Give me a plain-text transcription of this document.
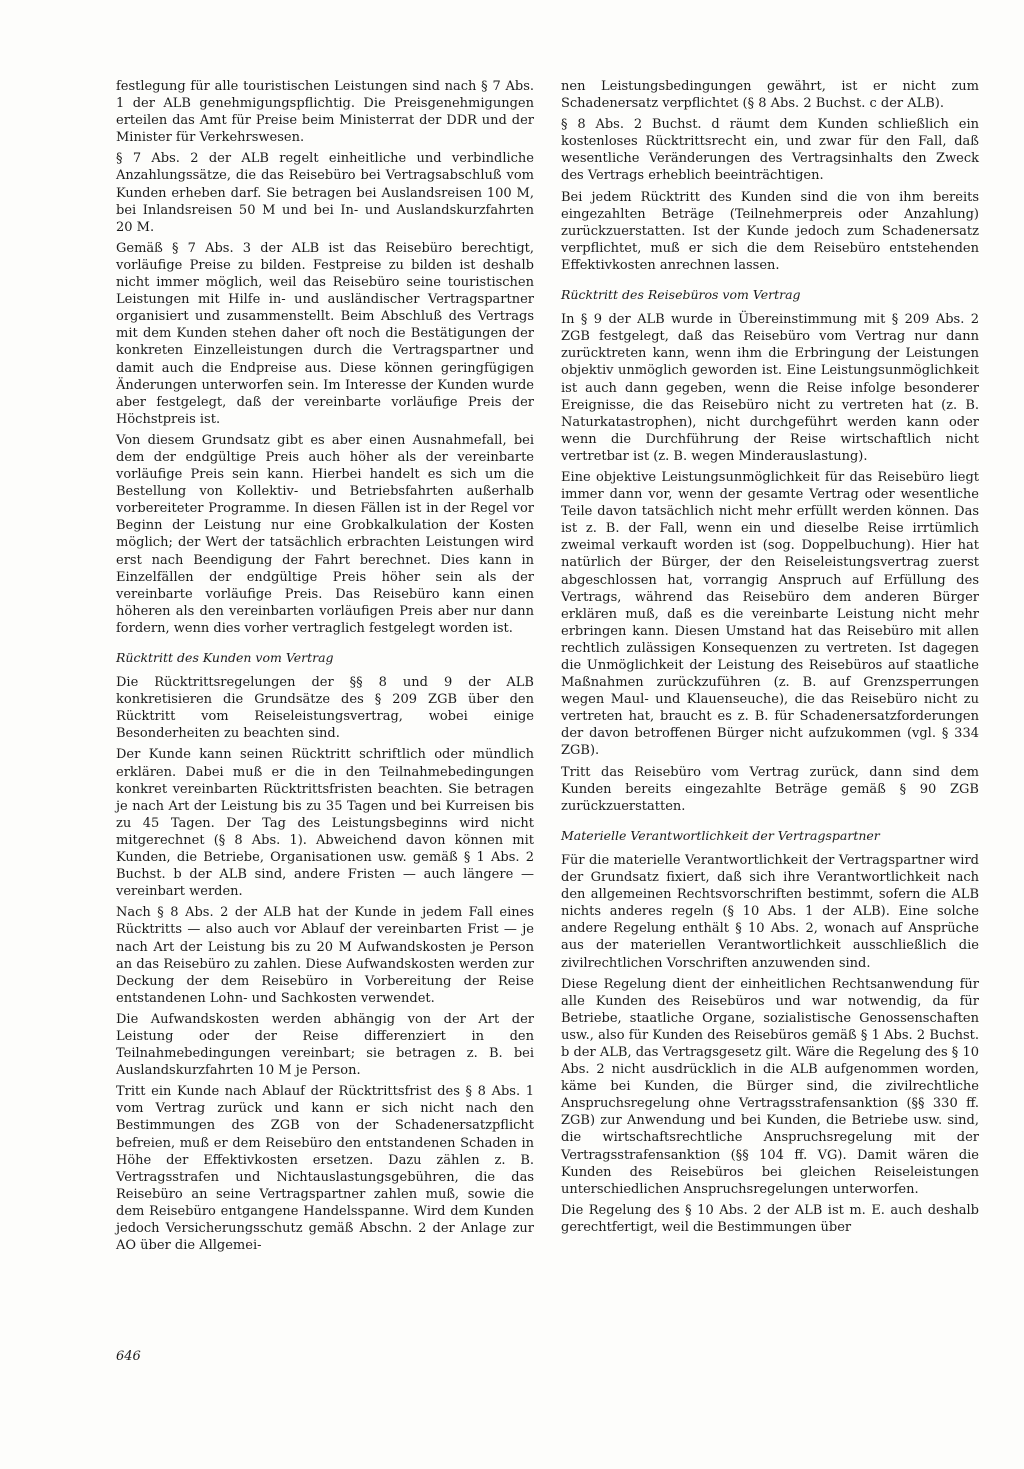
festlegung für alle touristischen Leistungen sind nach § 7 Abs. 1 der ALB genehmigungspflichtig. Die Preisgenehmigungen erteilen das Amt für Preise beim Ministerrat der DDR und der Minister für Verkehrswesen.

§ 7 Abs. 2 der ALB regelt einheitliche und verbindliche Anzahlungssätze, die das Reisebüro bei Vertragsabschluß vom Kunden erheben darf. Sie betragen bei Auslandsreisen 100 M, bei Inlandsreisen 50 M und bei In- und Auslandskurzfahrten 20 M.

Gemäß § 7 Abs. 3 der ALB ist das Reisebüro berechtigt, vorläufige Preise zu bilden. Festpreise zu bilden ist deshalb nicht immer möglich, weil das Reisebüro seine touristischen Leistungen mit Hilfe in- und ausländischer Vertragspartner organisiert und zusammenstellt. Beim Abschluß des Vertrags mit dem Kunden stehen daher oft noch die Bestätigungen der konkreten Einzelleistungen durch die Vertragspartner und damit auch die Endpreise aus. Diese können geringfügigen Änderungen unterworfen sein. Im Interesse der Kunden wurde aber festgelegt, daß der vereinbarte vorläufige Preis der Höchstpreis ist.

Von diesem Grundsatz gibt es aber einen Ausnahmefall, bei dem der endgültige Preis auch höher als der vereinbarte vorläufige Preis sein kann. Hierbei handelt es sich um die Bestellung von Kollektiv- und Betriebsfahrten außerhalb vorbereiteter Programme. In diesen Fällen ist in der Regel vor Beginn der Leistung nur eine Grobkalkulation der Kosten möglich; der Wert der tatsächlich erbrachten Leistungen wird erst nach Beendigung der Fahrt berechnet. Dies kann in Einzelfällen der endgültige Preis höher sein als der vereinbarte vorläufige Preis. Das Reisebüro kann einen höheren als den vereinbarten vorläufigen Preis aber nur dann fordern, wenn dies vorher vertraglich festgelegt worden ist.

Rücktritt des Kunden vom Vertrag

Die Rücktrittsregelungen der §§ 8 und 9 der ALB konkretisieren die Grundsätze des § 209 ZGB über den Rücktritt vom Reiseleistungsvertrag, wobei einige Besonderheiten zu beachten sind.

Der Kunde kann seinen Rücktritt schriftlich oder mündlich erklären. Dabei muß er die in den Teilnahmebedingungen konkret vereinbarten Rücktrittsfristen beachten. Sie betragen je nach Art der Leistung bis zu 35 Tagen und bei Kurreisen bis zu 45 Tagen. Der Tag des Leistungsbeginns wird nicht mitgerechnet (§ 8 Abs. 1). Abweichend davon können mit Kunden, die Betriebe, Organisationen usw. gemäß § 1 Abs. 2 Buchst. b der ALB sind, andere Fristen — auch längere — vereinbart werden.

Nach § 8 Abs. 2 der ALB hat der Kunde in jedem Fall eines Rücktritts — also auch vor Ablauf der vereinbarten Frist — je nach Art der Leistung bis zu 20 M Aufwandskosten je Person an das Reisebüro zu zahlen. Diese Aufwandskosten werden zur Deckung der dem Reisebüro in Vorbereitung der Reise entstandenen Lohn- und Sachkosten verwendet.

Die Aufwandskosten werden abhängig von der Art der Leistung oder der Reise differenziert in den Teilnahmebedingungen vereinbart; sie betragen z. B. bei Auslandskurzfahrten 10 M je Person.

Tritt ein Kunde nach Ablauf der Rücktrittsfrist des § 8 Abs. 1 vom Vertrag zurück und kann er sich nicht nach den Bestimmungen des ZGB von der Schadenersatzpflicht befreien, muß er dem Reisebüro den entstandenen Schaden in Höhe der Effektivkosten ersetzen. Dazu zählen z. B. Vertragsstrafen und Nichtauslastungsgebühren, die das Reisebüro an seine Vertragspartner zahlen muß, sowie die dem Reisebüro entgangene Handelsspanne. Wird dem Kunden jedoch Versicherungsschutz gemäß Abschn. 2 der Anlage zur AO über die Allgemei-

nen Leistungsbedingungen gewährt, ist er nicht zum Schadenersatz verpflichtet (§ 8 Abs. 2 Buchst. c der ALB).

§ 8 Abs. 2 Buchst. d räumt dem Kunden schließlich ein kostenloses Rücktrittsrecht ein, und zwar für den Fall, daß wesentliche Veränderungen des Vertragsinhalts den Zweck des Vertrags erheblich beeinträchtigen.

Bei jedem Rücktritt des Kunden sind die von ihm bereits eingezahlten Beträge (Teilnehmerpreis oder Anzahlung) zurückzuerstatten. Ist der Kunde jedoch zum Schadenersatz verpflichtet, muß er sich die dem Reisebüro entstehenden Effektivkosten anrechnen lassen.

Rücktritt des Reisebüros vom Vertrag

In § 9 der ALB wurde in Übereinstimmung mit § 209 Abs. 2 ZGB festgelegt, daß das Reisebüro vom Vertrag nur dann zurücktreten kann, wenn ihm die Erbringung der Leistungen objektiv unmöglich geworden ist. Eine Leistungsunmöglichkeit ist auch dann gegeben, wenn die Reise infolge besonderer Ereignisse, die das Reisebüro nicht zu vertreten hat (z. B. Naturkatastrophen), nicht durchgeführt werden kann oder wenn die Durchführung der Reise wirtschaftlich nicht vertretbar ist (z. B. wegen Minderauslastung).

Eine objektive Leistungsunmöglichkeit für das Reisebüro liegt immer dann vor, wenn der gesamte Vertrag oder wesentliche Teile davon tatsächlich nicht mehr erfüllt werden können. Das ist z. B. der Fall, wenn ein und dieselbe Reise irrtümlich zweimal verkauft worden ist (sog. Doppelbuchung). Hier hat natürlich der Bürger, der den Reiseleistungsvertrag zuerst abgeschlossen hat, vorrangig Anspruch auf Erfüllung des Vertrags, während das Reisebüro dem anderen Bürger erklären muß, daß es die vereinbarte Leistung nicht mehr erbringen kann. Diesen Umstand hat das Reisebüro mit allen rechtlich zulässigen Konsequenzen zu vertreten. Ist dagegen die Unmöglichkeit der Leistung des Reisebüros auf staatliche Maßnahmen zurückzuführen (z. B. auf Grenzsperrungen wegen Maul- und Klauenseuche), die das Reisebüro nicht zu vertreten hat, braucht es z. B. für Schadenersatzforderungen der davon betroffenen Bürger nicht aufzukommen (vgl. § 334 ZGB).

Tritt das Reisebüro vom Vertrag zurück, dann sind dem Kunden bereits eingezahlte Beträge gemäß § 90 ZGB zurückzuerstatten.

Materielle Verantwortlichkeit der Vertragspartner

Für die materielle Verantwortlichkeit der Vertragspartner wird der Grundsatz fixiert, daß sich ihre Verantwortlichkeit nach den allgemeinen Rechtsvorschriften bestimmt, sofern die ALB nichts anderes regeln (§ 10 Abs. 1 der ALB). Eine solche andere Regelung enthält § 10 Abs. 2, wonach auf Ansprüche aus der materiellen Verantwortlichkeit ausschließlich die zivilrechtlichen Vorschriften anzuwenden sind.

Diese Regelung dient der einheitlichen Rechtsanwendung für alle Kunden des Reisebüros und war notwendig, da für Betriebe, staatliche Organe, sozialistische Genossenschaften usw., also für Kunden des Reisebüros gemäß § 1 Abs. 2 Buchst. b der ALB, das Vertragsgesetz gilt. Wäre die Regelung des § 10 Abs. 2 nicht ausdrücklich in die ALB aufgenommen worden, käme bei Kunden, die Bürger sind, die zivilrechtliche Anspruchsregelung ohne Vertragsstrafensanktion (§§ 330 ff. ZGB) zur Anwendung und bei Kunden, die Betriebe usw. sind, die wirtschaftsrechtliche Anspruchsregelung mit der Vertragsstrafensanktion (§§ 104 ff. VG). Damit wären die Kunden des Reisebüros bei gleichen Reiseleistungen unterschiedlichen Anspruchsregelungen unterworfen.

Die Regelung des § 10 Abs. 2 der ALB ist m. E. auch deshalb gerechtfertigt, weil die Bestimmungen über

646
